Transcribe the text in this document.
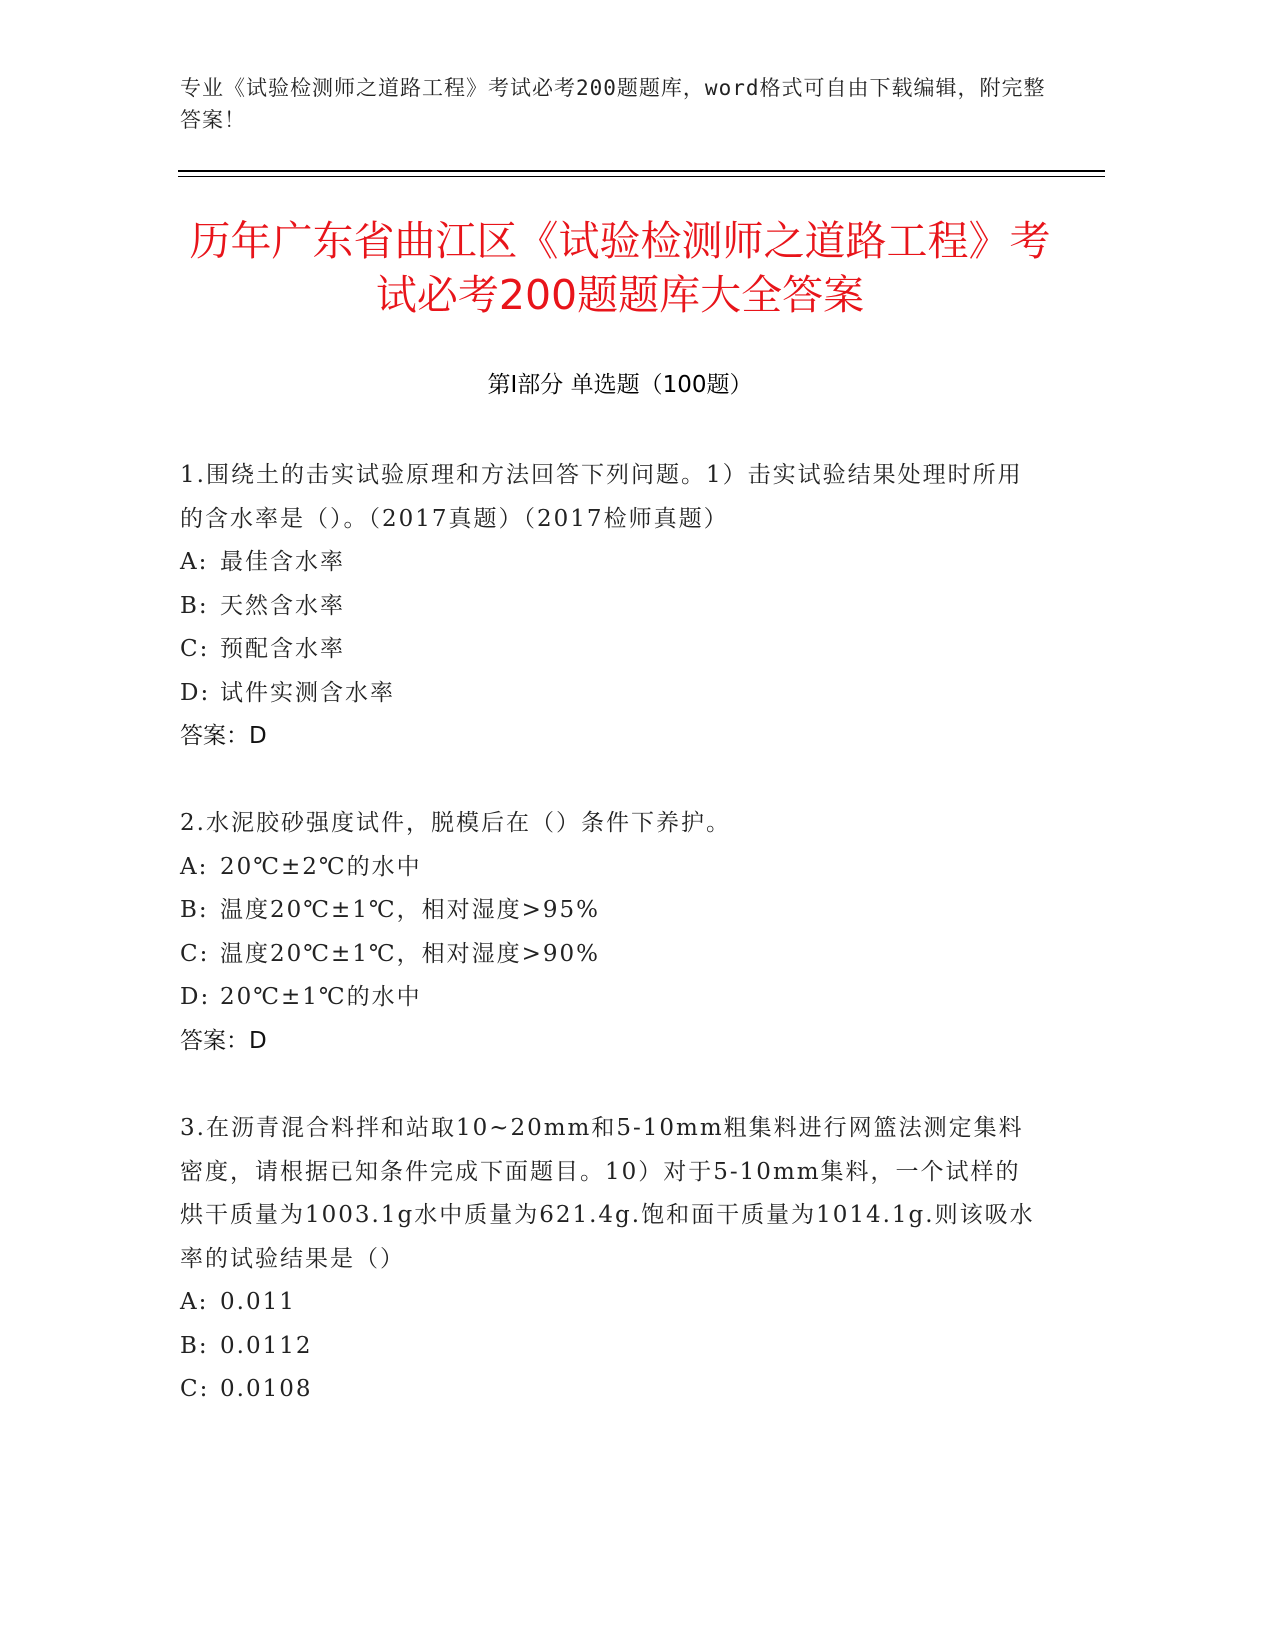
专业《试验检测师之道路工程》考试必考200题题库，word格式可自由下载编辑，附完整答案！
历年广东省曲江区《试验检测师之道路工程》考试必考200题题库大全答案
第I部分 单选题（100题）

1.围绕土的击实试验原理和方法回答下列问题。1）击实试验结果处理时所用的含水率是（）。（2017真题）（2017检师真题）

A: 最佳含水率

B: 天然含水率

C: 预配含水率

D: 试件实测含水率

答案：D

2.水泥胶砂强度试件，脱模后在（）条件下养护。

A: 20℃±2℃的水中

B: 温度20℃±1℃，相对湿度>95%

C: 温度20℃±1℃，相对湿度>90%

D: 20℃±1℃的水中

答案：D

3.在沥青混合料拌和站取10~20mm和5-10mm粗集料进行网篮法测定集料密度，请根据已知条件完成下面题目。10）对于5-10mm集料，一个试样的烘干质量为1003.1g水中质量为621.4g.饱和面干质量为1014.1g.则该吸水率的试验结果是（）

A: 0.011

B: 0.0112

C: 0.0108
